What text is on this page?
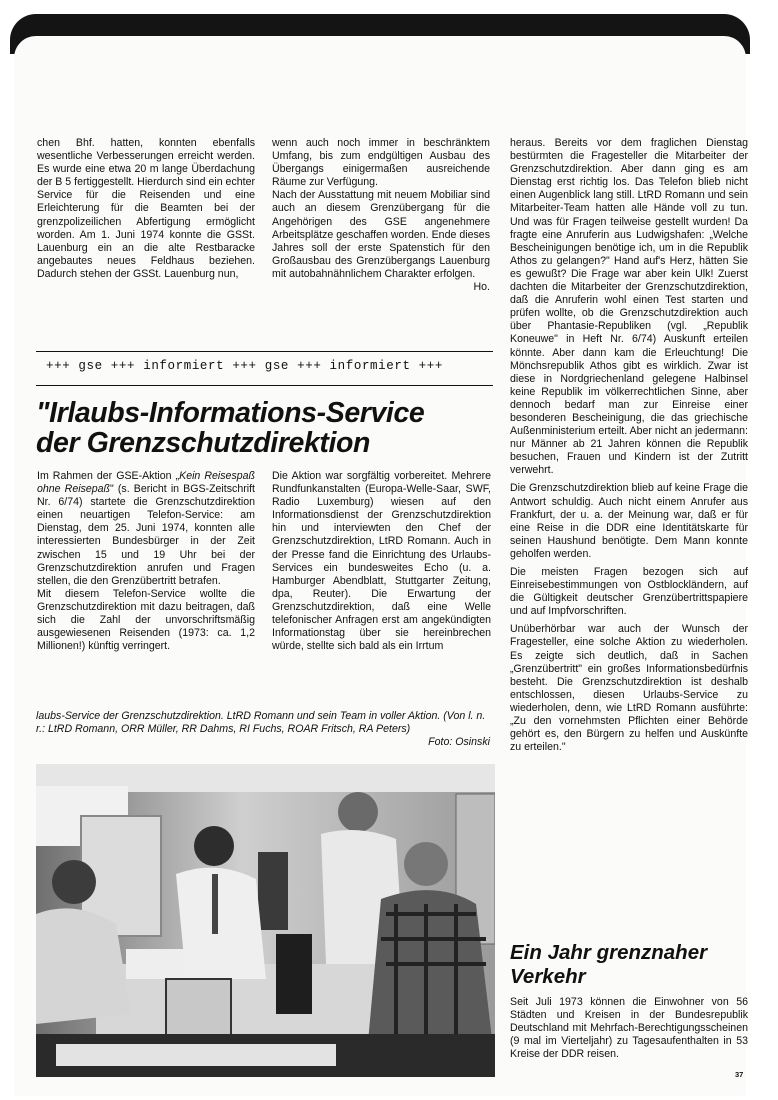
chen Bhf. hatten, konnten ebenfalls wesentliche Verbesserungen erreicht werden. Es wurde eine etwa 20 m lange Überdachung der B 5 fertiggestellt. Hierdurch sind ein echter Service für die Reisenden und eine Erleichterung für die Beamten bei der grenzpolizeilichen Abfertigung ermöglicht worden. Am 1. Juni 1974 konnte die GSSt. Lauenburg ein an die alte Restbaracke angebautes neues Feldhaus beziehen. Dadurch stehen der GSSt. Lauenburg nun,

wenn auch noch immer in beschränktem Umfang, bis zum endgültigen Ausbau des Übergangs einigermaßen ausreichende Räume zur Verfügung.

Nach der Ausstattung mit neuem Mobiliar sind auch an diesem Grenzübergang für die Angehörigen des GSE angenehmere Arbeitsplätze geschaffen worden. Ende dieses Jahres soll der erste Spatenstich für den Großausbau des Grenzübergangs Lauenburg mit autobahnähnlichem Charakter erfolgen.
Ho.

+++ gse +++ informiert +++ gse +++ informiert +++
"Irlaubs-Informations-Service
der Grenzschutzdirektion

Im Rahmen der GSE-Aktion „Kein Reisespaß ohne Reisepaß" (s. Bericht in BGS-Zeitschrift Nr. 6/74) startete die Grenzschutzdirektion einen neuartigen Telefon-Service: am Dienstag, dem 25. Juni 1974, konnten alle interessierten Bundesbürger in der Zeit zwischen 15 und 19 Uhr bei der Grenzschutzdirektion anrufen und Fragen stellen, die den Grenzübertritt betrafen.

Mit diesem Telefon-Service wollte die Grenzschutzdirektion mit dazu beitragen, daß sich die Zahl der unvorschriftsmäßig ausgewiesenen Reisenden (1973: ca. 1,2 Millionen!) künftig verringert.

Die Aktion war sorgfältig vorbereitet. Mehrere Rundfunkanstalten (Europa-Welle-Saar, SWF, Radio Luxemburg) wiesen auf den Informationsdienst der Grenzschutzdirektion hin und interviewten den Chef der Grenzschutzdirektion, LtRD Romann. Auch in der Presse fand die Einrichtung des Urlaubs-Services ein bundesweites Echo (u. a. Hamburger Abendblatt, Stuttgarter Zeitung, dpa, Reuter). Die Erwartung der Grenzschutzdirektion, daß eine Welle telefonischer Anfragen erst am angekündigten Informationstag über sie hereinbrechen würde, stellte sich bald als ein Irrtum

heraus. Bereits vor dem fraglichen Dienstag bestürmten die Fragesteller die Mitarbeiter der Grenzschutzdirektion. Aber dann ging es am Dienstag erst richtig los. Das Telefon blieb nicht einen Augenblick lang still. LtRD Romann und sein Mitarbeiter-Team hatten alle Hände voll zu tun. Und was für Fragen teilweise gestellt wurden! Da fragte eine Anruferin aus Ludwigshafen: „Welche Bescheinigungen benötige ich, um in die Republik Athos zu gelangen?" Hand auf's Herz, hätten Sie es gewußt? Die Frage war aber kein Ulk! Zuerst dachten die Mitarbeiter der Grenzschutzdirektion, daß die Anruferin wohl einen Test starten und prüfen wollte, ob die Grenzschutzdirektion auch über Phantasie-Republiken (vgl. „Republik Koneuwe" in Heft Nr. 6/74) Auskunft erteilen könnte. Aber dann kam die Erleuchtung! Die Mönchsrepublik Athos gibt es wirklich. Zwar ist diese in Nordgriechenland gelegene Halbinsel keine Republik im völkerrechtlichen Sinne, aber dennoch bedarf man zur Einreise einer besonderen Bescheinigung, die das griechische Außenministerium erteilt. Aber nicht an jedermann: nur Männer ab 21 Jahren können die Republik besuchen, Frauen und Kindern ist der Zutritt verwehrt.

Die Grenzschutzdirektion blieb auf keine Frage die Antwort schuldig. Auch nicht einem Anrufer aus Frankfurt, der u. a. der Meinung war, daß er für eine Reise in die DDR eine Identitätskarte für seinen Haushund benötigte. Dem Mann konnte geholfen werden.

Die meisten Fragen bezogen sich auf Einreisebestimmungen von Ostblockländern, auf die Gültigkeit deutscher Grenzübertrittspapiere und auf Impfvorschriften.

Unüberhörbar war auch der Wunsch der Fragesteller, eine solche Aktion zu wiederholen. Es zeigte sich deutlich, daß in Sachen „Grenzübertritt" ein großes Informationsbedürfnis besteht. Die Grenzschutzdirektion ist deshalb entschlossen, diesen Urlaubs-Service zu wiederholen, denn, wie LtRD Romann ausführte: „Zu den vornehmsten Pflichten einer Behörde gehört es, den Bürgern zu helfen und Auskünfte zu erteilen."

Ein Jahr grenznaher
Verkehr
Seit Juli 1973 können die Einwohner von 56 Städten und Kreisen in der Bundesrepublik Deutschland mit Mehrfach-Berechtigungsscheinen (9 mal im Vierteljahr) zu Tagesaufenthalten in 53 Kreise der DDR reisen.
laubs-Service der Grenzschutzdirektion. LtRD Romann und sein Team in voller Aktion. (Von l. n. r.: LtRD Romann, ORR Müller, RR Dahms, RI Fuchs, ROAR Fritsch, RA Peters)
Foto: Osinski
37
